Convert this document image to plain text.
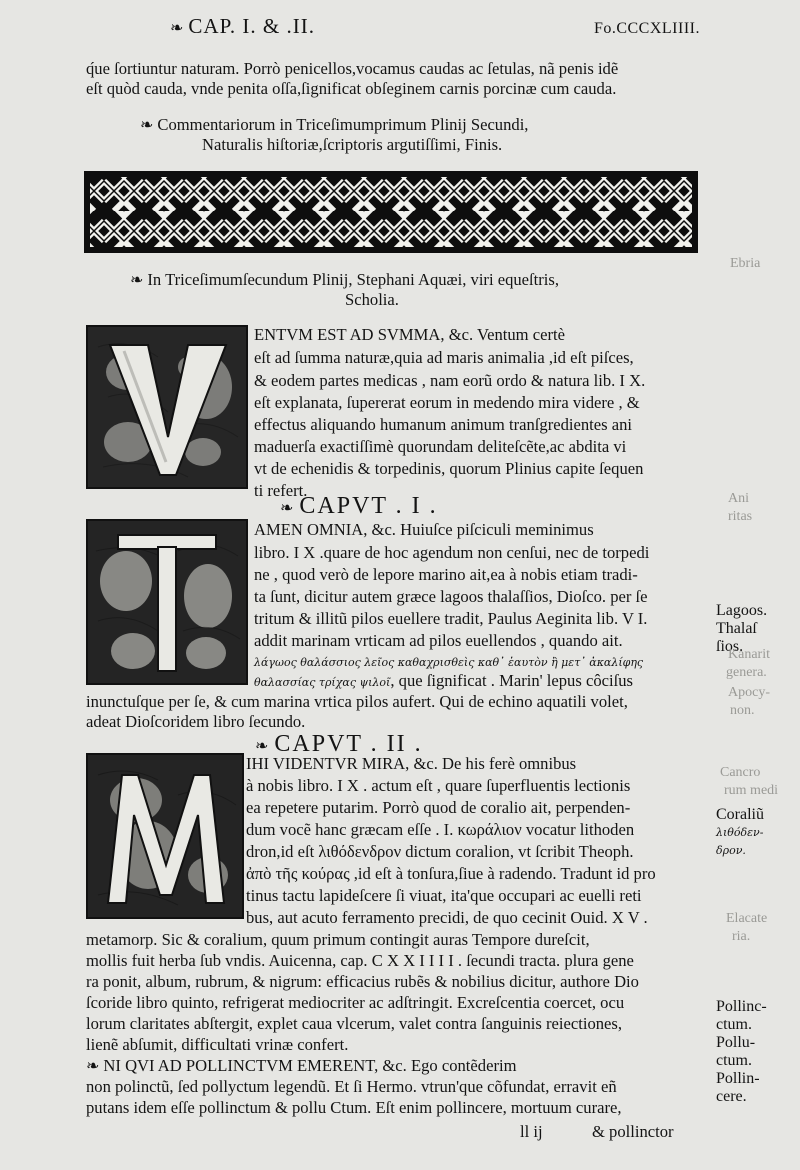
❧ CAP. I. & .II.	Fo.CCCXLIIII.
q́ue ſortiuntur naturam. Porrò penicellos,vocamus caudas ac ſetulas, nã penis idẽ
eſt quòd cauda, vnde penita oſſa,ſignificat obſeginem carnis porcinæ cum cauda.
❧ Commentariorum in Triceſimumprimum Plinij Secundi,
Naturalis hiſtoriæ,ſcriptoris argutiſſimi, Finis.
❧ In Triceſimumſecundum Plinij, Stephani Aquæi, viri equeſtris,
Scholia.
ENTVM EST AD SVMMA, &c. Ventum certè
eſt ad ſumma naturæ,quia ad maris animalia ,id eſt piſces,
& eodem partes medicas , nam eorũ ordo & natura lib. I X.
eſt explanata, ſupererat eorum in medendo mira videre , &
effectus aliquando humanum animum tranſgredientes ani
maduerſa exactiſſimè quorundam deliteſcẽte,ac abdita vi
vt de echenidis & torpedinis, quorum Plinius capite ſequen
ti refert.
❧ CAPVT . I .
AMEN OMNIA, &c. Huiuſce piſciculi meminimus
libro. I X .quare de hoc agendum non cenſui, nec de torpedi
ne , quod verò de lepore marino ait,ea à nobis etiam tradi-
ta ſunt, dicitur autem græce lagoos thalaſſios, Dioſco. per ſe
tritum & illitũ pilos euellere tradit, Paulus Aeginita lib. V I.
addit marinam vrticam ad pilos euellendos , quando ait.
λάγωος θαλάσσιος λεῖος καθαχρισθεὶς καθ᾽ ἑαυτὸν ἢ μετ᾽ ἀκαλίφης
θαλασσίας τρίχας ψιλοῖ, que ſignificat . Marin' lepus côciſus
inunctuſque per ſe, & cum marina vrtica pilos aufert. Qui de echino aquatili volet,
adeat Dioſcoridem libro ſecundo.
❧ CAPVT . II .
IHI VIDENTVR MIRA, &c. De his ferè omnibus
à nobis libro. I X . actum eſt , quare ſuperfluentis lectionis
ea repetere putarim. Porrò quod de coralio ait, perpenden-
dum vocẽ hanc græcam eſſe . I. κωράλιον vocatur lithoden
dron,id eſt λιθόδενδρον dictum coralion, vt ſcribit Theoph.
ἀπὸ τῆς κούρας ,id eſt à tonſura,ſiue à radendo. Tradunt id pro
tinus tactu lapideſcere ſi viuat, ita'que occupari ac euelli reti
bus, aut acuto ferramento precidi, de quo cecinit Ouid. X V .
metamorp. Sic & coralium, quum primum contingit auras Tempore dureſcit,
mollis fuit herba ſub vndis. Auicenna, cap. C X X I I I I . ſecundi tracta. plura gene
ra ponit, album, rubrum, & nigrum: efficacius rubẽs & nobilius dicitur, authore Dio
ſcoride libro quinto, refrigerat mediocriter ac adſtringit. Excreſcentia coercet, ocu
lorum claritates abſtergit, explet caua vlcerum, valet contra ſanguinis reiectiones,
lienẽ abſumit, difficultati vrinæ confert.
❧ NI QVI AD POLLINCTVM EMERENT, &c. Ego contẽderim
non polinctũ, ſed pollyctum legendũ. Et ſi Hermo. vtrun'que cõfundat, erravit eñ
putans idem eſſe pollinctum & pollu Ctum. Eſt enim pollincere, mortuum curare,
ll ij	& pollinctor
Lagoos.
Thalaſ
ſios.
Coraliũ
λιθόδεν-
δρον.
Pollinc-
ctum.
Pollu-
ctum.
Pollin-
cere.
Ebria
Ani
ritas
Kanarit
genera.
Apocy-
non.
Cancro
rum medi
Elacate
ria.
